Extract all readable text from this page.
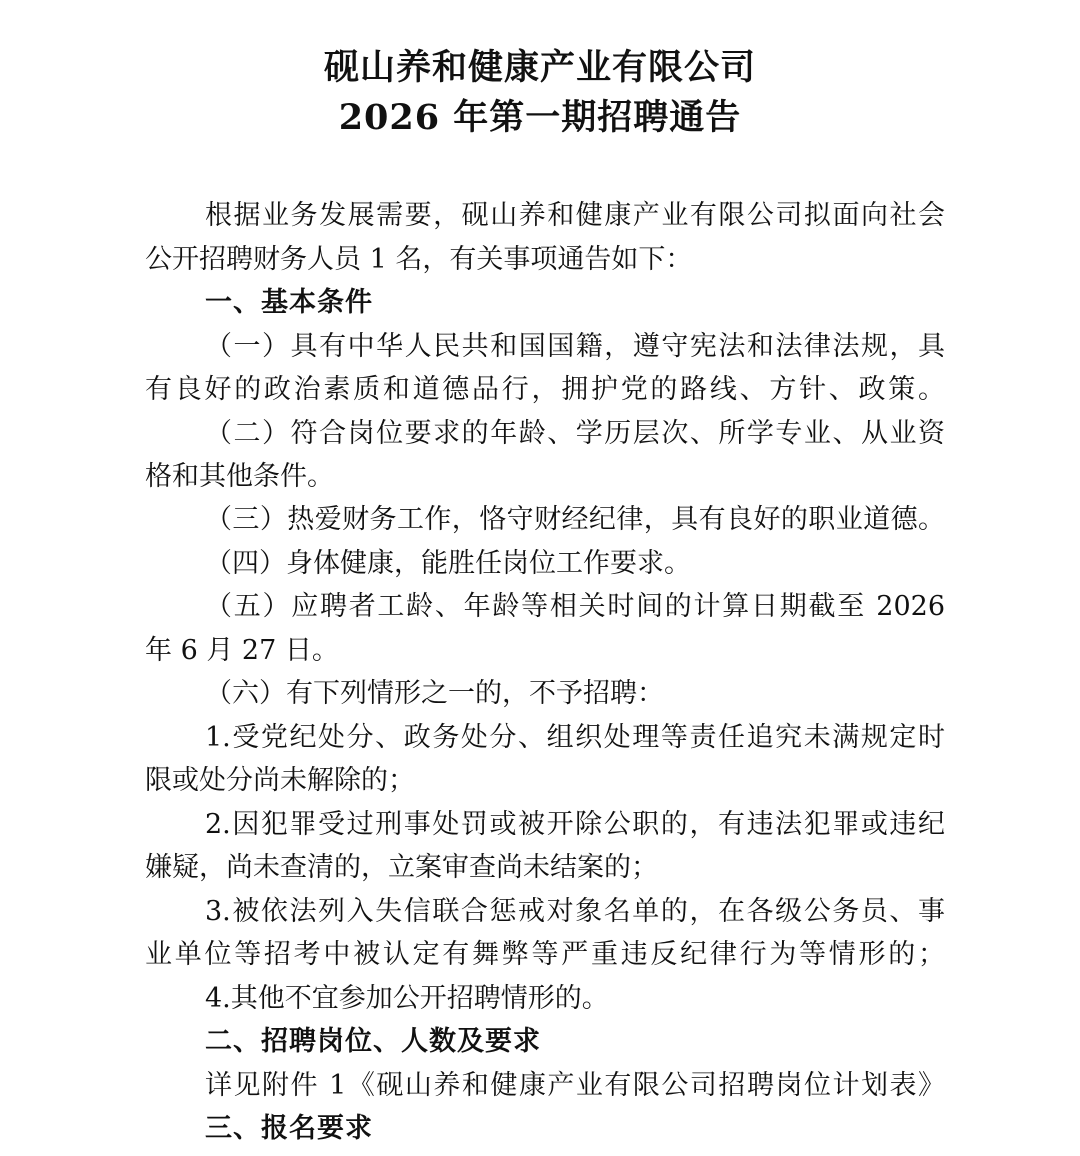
砚山养和健康产业有限公司
2026 年第一期招聘通告
根据业务发展需要，砚山养和健康产业有限公司拟面向社会
公开招聘财务人员 1 名，有关事项通告如下：
一、基本条件
（一）具有中华人民共和国国籍，遵守宪法和法律法规，具
有良好的政治素质和道德品行，拥护党的路线、方针、政策。
（二）符合岗位要求的年龄、学历层次、所学专业、从业资
格和其他条件。
（三）热爱财务工作，恪守财经纪律，具有良好的职业道德。
（四）身体健康，能胜任岗位工作要求。
（五）应聘者工龄、年龄等相关时间的计算日期截至 2026
年 6 月 27 日。
（六）有下列情形之一的，不予招聘：
1.受党纪处分、政务处分、组织处理等责任追究未满规定时
限或处分尚未解除的；
2.因犯罪受过刑事处罚或被开除公职的，有违法犯罪或违纪
嫌疑，尚未查清的，立案审查尚未结案的；
3.被依法列入失信联合惩戒对象名单的，在各级公务员、事
业单位等招考中被认定有舞弊等严重违反纪律行为等情形的；
4.其他不宜参加公开招聘情形的。
二、招聘岗位、人数及要求
详见附件 1《砚山养和健康产业有限公司招聘岗位计划表》
三、报名要求
